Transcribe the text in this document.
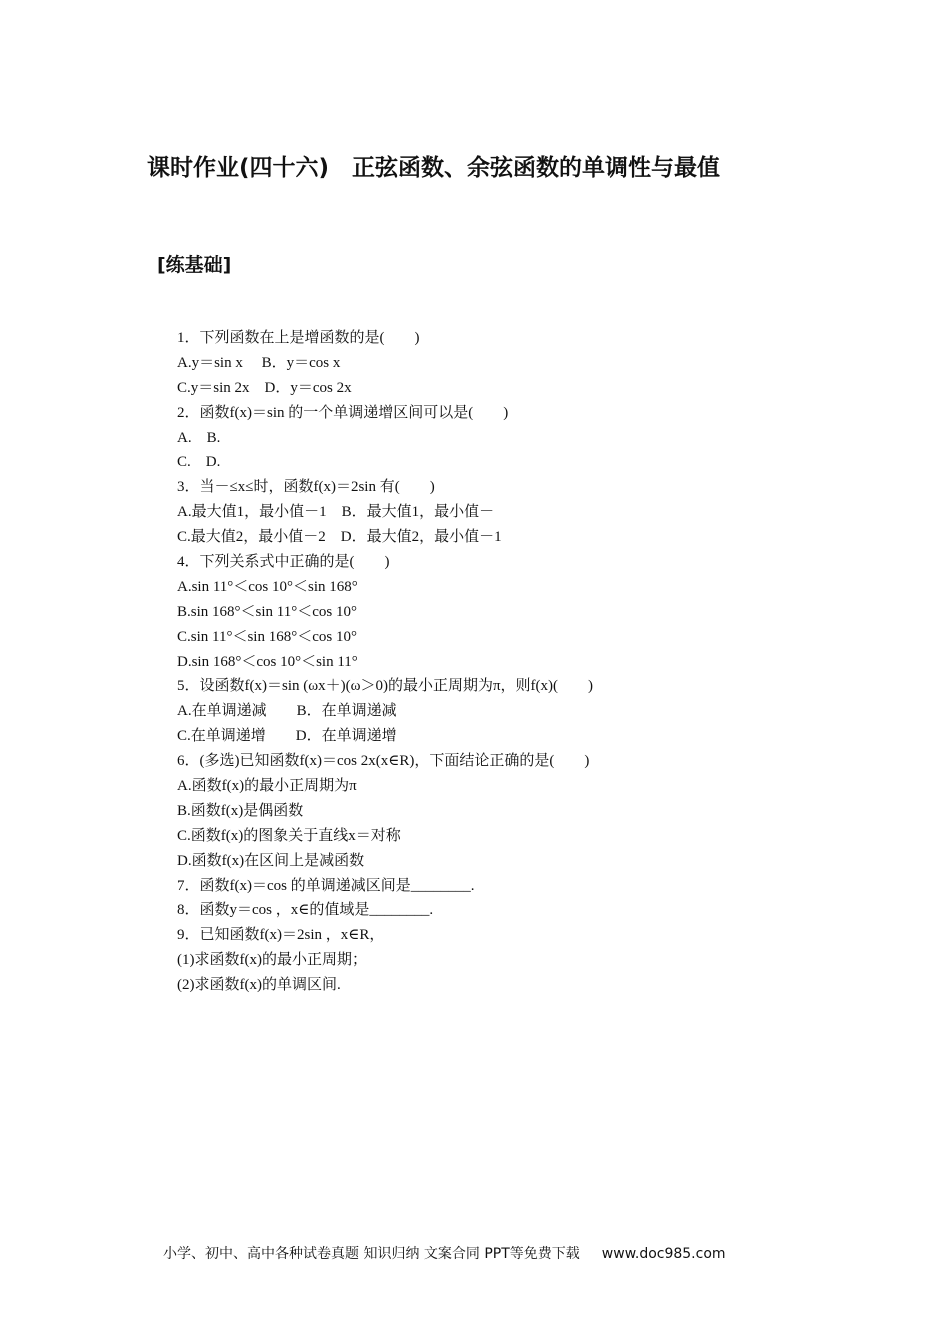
课时作业(四十六)　正弦函数、余弦函数的单调性与最值
[练基础]
1．下列函数在上是增函数的是(　　)
A.y＝sin x　 B．y＝cos x
C.y＝sin 2x　D．y＝cos 2x
2．函数f(x)＝sin 的一个单调递增区间可以是(　　)
A.　B.
C.　D.
3．当－≤x≤时，函数f(x)＝2sin 有(　　)
A.最大值1，最小值－1　B．最大值1，最小值－
C.最大值2，最小值－2　D．最大值2，最小值－1
4．下列关系式中正确的是(　　)
A.sin 11°＜cos 10°＜sin 168°
B.sin 168°＜sin 11°＜cos 10°
C.sin 11°＜sin 168°＜cos 10°
D.sin 168°＜cos 10°＜sin 11°
5．设函数f(x)＝sin (ωx＋)(ω＞0)的最小正周期为π，则f(x)(　　)
A.在单调递减　　B．在单调递减
C.在单调递增　　D．在单调递增
6．(多选)已知函数f(x)＝cos 2x(x∈R)，下面结论正确的是(　　)
A.函数f(x)的最小正周期为π
B.函数f(x)是偶函数
C.函数f(x)的图象关于直线x＝对称
D.函数f(x)在区间上是减函数
7．函数f(x)＝cos 的单调递减区间是________.
8．函数y＝cos ，x∈的值域是________.
9．已知函数f(x)＝2sin ，x∈R，
(1)求函数f(x)的最小正周期；
(2)求函数f(x)的单调区间.
小学、初中、高中各种试卷真题 知识归纳 文案合同 PPT等免费下载 www.doc985.com
